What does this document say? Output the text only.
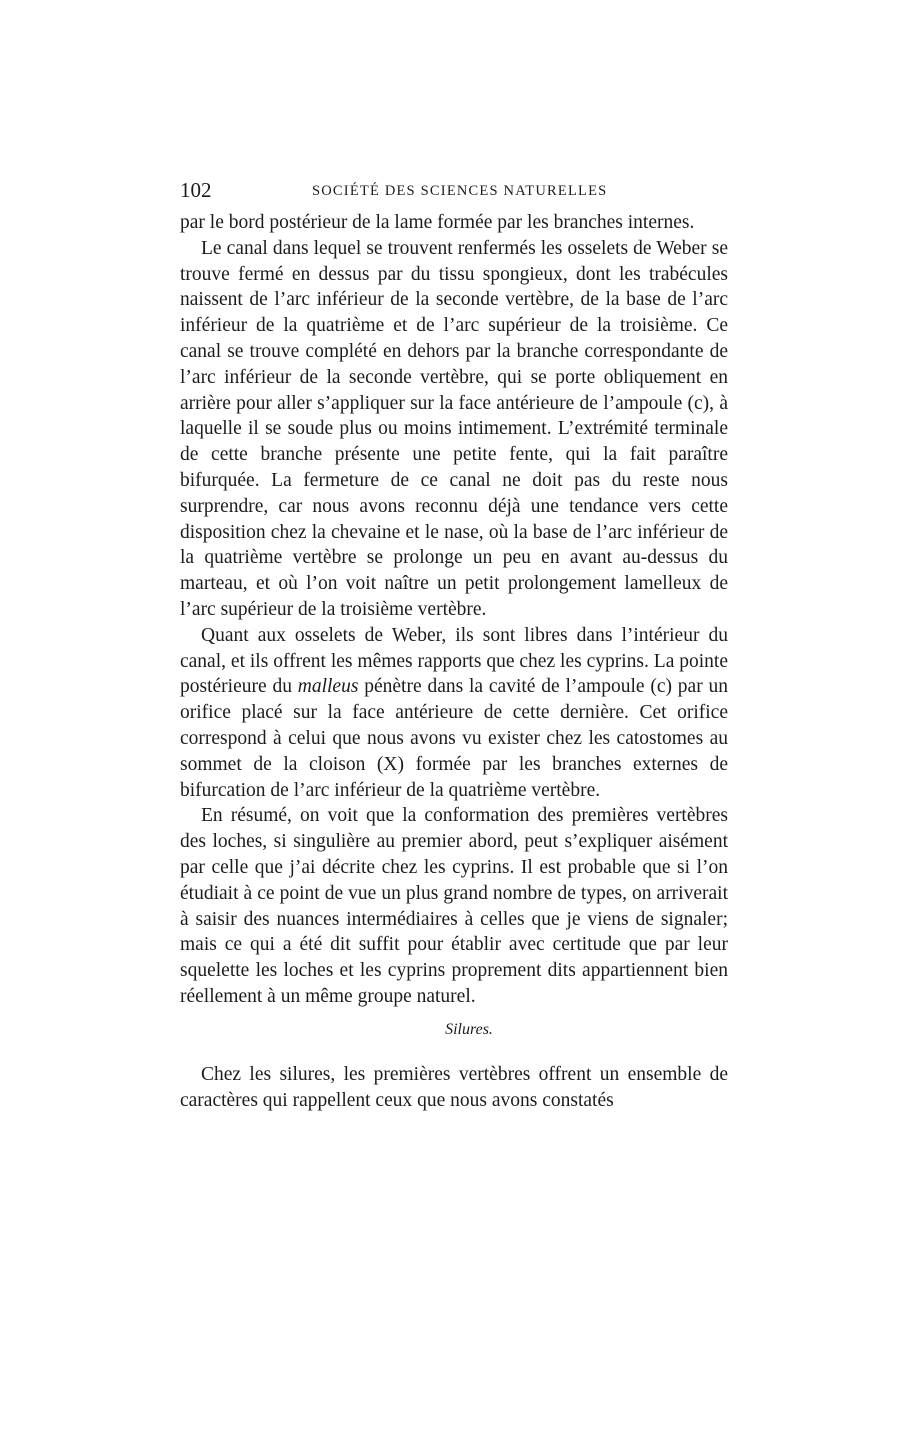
102	SOCIÉTÉ DES SCIENCES NATURELLES

par le bord postérieur de la lame formée par les branches internes.

Le canal dans lequel se trouvent renfermés les osselets de Weber se trouve fermé en dessus par du tissu spongieux, dont les trabécules naissent de l’arc inférieur de la seconde vertèbre, de la base de l’arc inférieur de la quatrième et de l’arc supérieur de la troisième. Ce canal se trouve complété en dehors par la branche correspondante de l’arc inférieur de la seconde vertèbre, qui se porte obliquement en arrière pour aller s’appliquer sur la face antérieure de l’ampoule (c), à laquelle il se soude plus ou moins intimement. L’extrémité terminale de cette branche présente une petite fente, qui la fait paraître bifurquée. La fermeture de ce canal ne doit pas du reste nous surprendre, car nous avons reconnu déjà une tendance vers cette disposition chez la chevaine et le nase, où la base de l’arc inférieur de la quatrième vertèbre se prolonge un peu en avant au-dessus du marteau, et où l’on voit naître un petit prolongement lamelleux de l’arc supérieur de la troisième vertèbre.

Quant aux osselets de Weber, ils sont libres dans l’intérieur du canal, et ils offrent les mêmes rapports que chez les cyprins. La pointe postérieure du malleus pénètre dans la cavité de l’ampoule (c) par un orifice placé sur la face antérieure de cette dernière. Cet orifice correspond à celui que nous avons vu exister chez les catostomes au sommet de la cloison (X) formée par les branches externes de bifurcation de l’arc inférieur de la quatrième vertèbre.

En résumé, on voit que la conformation des premières vertèbres des loches, si singulière au premier abord, peut s’expliquer aisément par celle que j’ai décrite chez les cyprins. Il est probable que si l’on étudiait à ce point de vue un plus grand nombre de types, on arriverait à saisir des nuances intermédiaires à celles que je viens de signaler; mais ce qui a été dit suffit pour établir avec certitude que par leur squelette les loches et les cyprins proprement dits appartiennent bien réellement à un même groupe naturel.

Silures.

Chez les silures, les premières vertèbres offrent un ensemble de caractères qui rappellent ceux que nous avons constatés
